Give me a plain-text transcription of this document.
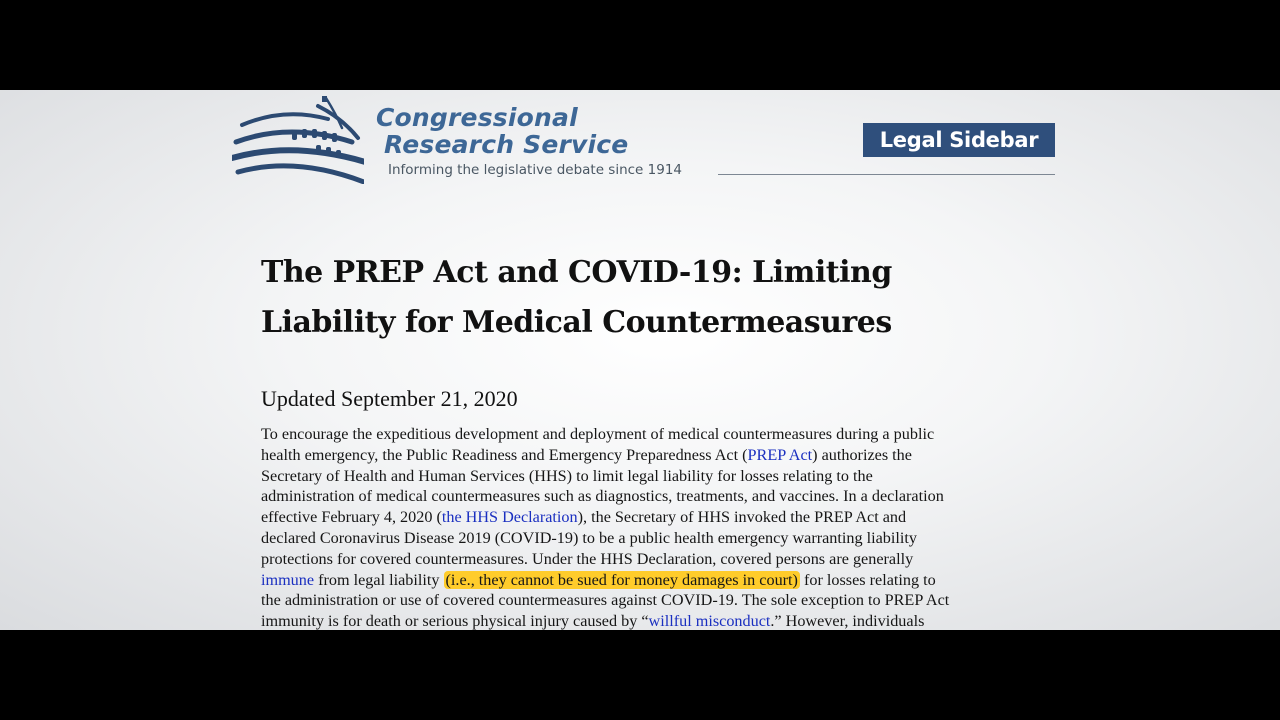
Congressional
Research Service
Informing the legislative debate since 1914
Legal Sidebar
The PREP Act and COVID-19: Limiting
Liability for Medical Countermeasures
Updated September 21, 2020
To encourage the expeditious development and deployment of medical countermeasures during a public
health emergency, the Public Readiness and Emergency Preparedness Act (PREP Act) authorizes the
Secretary of Health and Human Services (HHS) to limit legal liability for losses relating to the
administration of medical countermeasures such as diagnostics, treatments, and vaccines. In a declaration
effective February 4, 2020 (the HHS Declaration), the Secretary of HHS invoked the PREP Act and
declared Coronavirus Disease 2019 (COVID-19) to be a public health emergency warranting liability
protections for covered countermeasures. Under the HHS Declaration, covered persons are generally
immune from legal liability (i.e., they cannot be sued for money damages in court) for losses relating to
the administration or use of covered countermeasures against COVID-19. The sole exception to PREP Act
immunity is for death or serious physical injury caused by “willful misconduct.” However, individuals
